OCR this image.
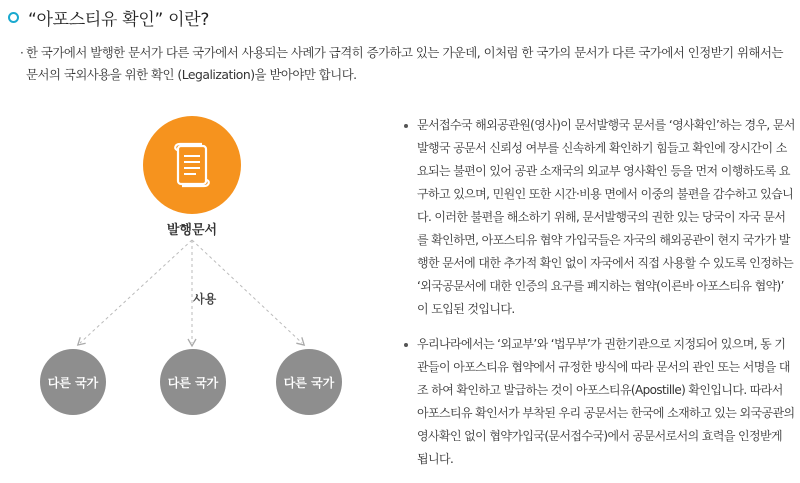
“아포스티유 확인” 이란?
· 한 국가에서 발행한 문서가 다른 국가에서 사용되는 사례가 급격히 증가하고 있는 가운데, 이처럼 한 국가의 문서가 다른 국가에서 인정받기 위해서는 문서의 국외사용을 위한 확인 (Legalization)을 받아야만 합니다.
발행문서
사용
다른 국가	다른 국가	다른 국가
문서접수국 해외공관원(영사)이 문서발행국 문서를 ‘영사확인’하는 경우, 문서발행국 공문서 신뢰성 여부를 신속하게 확인하기 힘들고 확인에 장시간이 소요되는 불편이 있어 공관 소재국의 외교부 영사확인 등을 먼저 이행하도록 요구하고 있으며, 민원인 또한 시간·비용 면에서 이중의 불편을 감수하고 있습니다. 이러한 불편을 해소하기 위해, 문서발행국의 권한 있는 당국이 자국 문서를 확인하면, 아포스티유 협약 가입국들은 자국의 해외공관이 현지 국가가 발행한 문서에 대한 추가적 확인 없이 자국에서 직접 사용할 수 있도록 인정하는 ‘외국공문서에 대한 인증의 요구를 폐지하는 협약(이른바 아포스티유 협약)’ 이 도입된 것입니다.
우리나라에서는 ‘외교부’와 ‘법무부’가 권한기관으로 지정되어 있으며, 동 기관들이 아포스티유 협약에서 규정한 방식에 따라 문서의 관인 또는 서명을 대조 하여 확인하고 발급하는 것이 아포스티유(Apostille) 확인입니다. 따라서 아포스티유 확인서가 부착된 우리 공문서는 한국에 소재하고 있는 외국공관의 영사확인 없이 협약가입국(문서접수국)에서 공문서로서의 효력을 인정받게 됩니다.
